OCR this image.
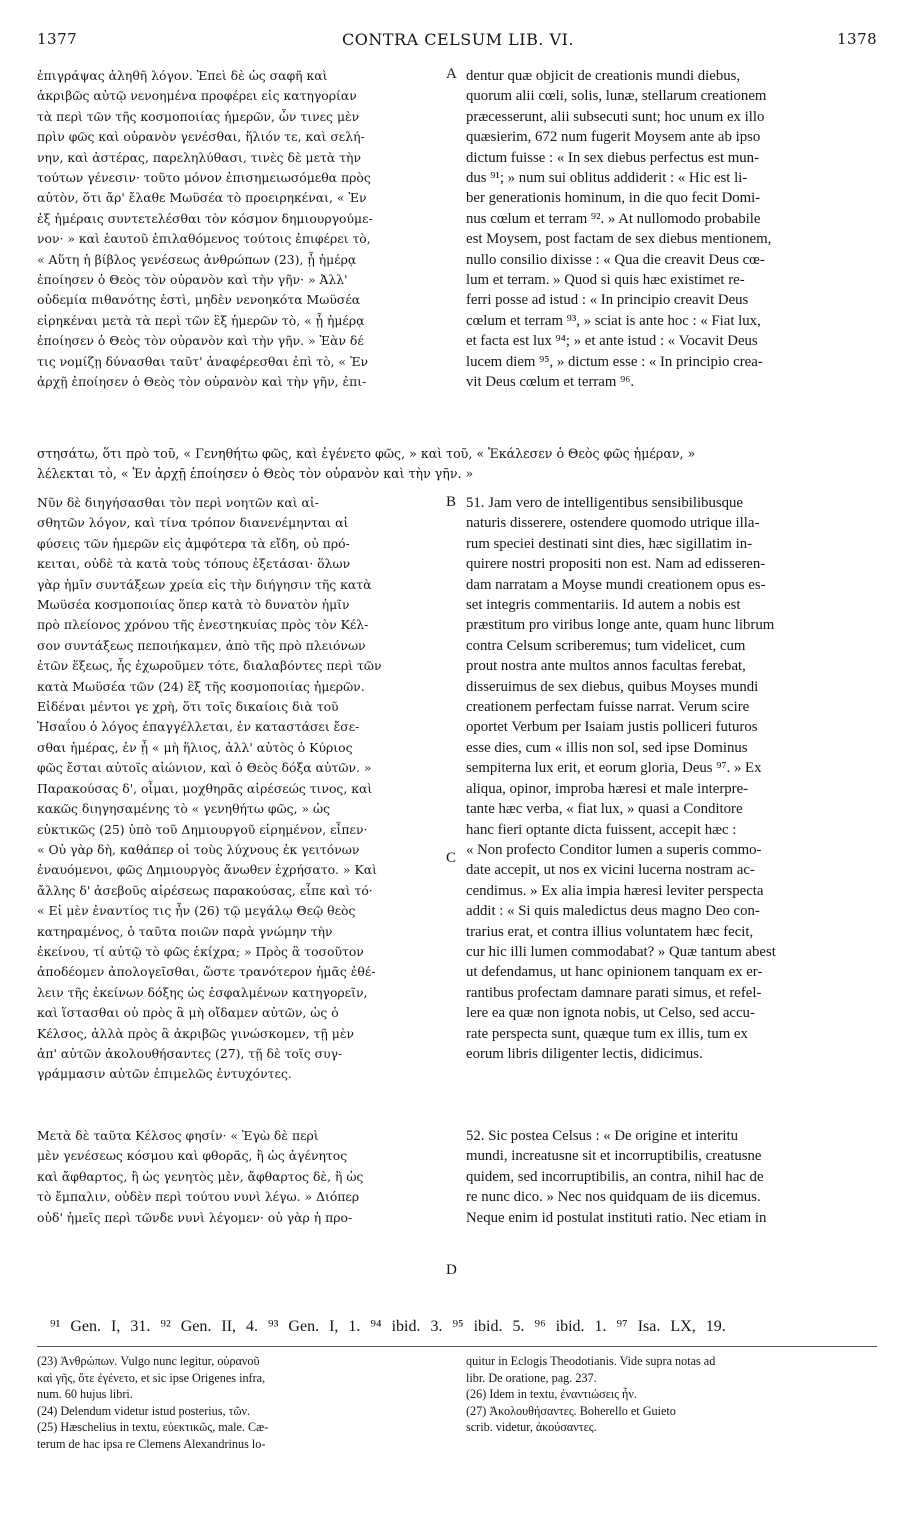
1377	CONTRA CELSUM LIB. VI.	1378
A
B
C
D

ἐπιγράψας ἀληθῆ λόγον. Ἐπεὶ δὲ ὡς σαφῆ καὶ

ἀκριβῶς αὐτῷ νενοημένα προφέρει εἰς κατηγορίαν

τὰ περὶ τῶν τῆς κοσμοποιίας ἡμερῶν, ὧν τινες μὲν

πρὶν φῶς καὶ οὐρανὸν γενέσθαι, ἥλιόν τε, καὶ σελή-

νην, καὶ ἀστέρας, παρεληλύθασι, τινὲς δὲ μετὰ τὴν

τούτων γένεσιν· τοῦτο μόνον ἐπισημειωσόμεθα πρὸς

αὐτὸν, ὅτι ἄρ' ἔλαθε Μωϋσέα τὸ προειρηκέναι, « Ἐν

ἐξ ἡμέραις συντετελέσθαι τὸν κόσμον δημιουργούμε-

νον· » καὶ ἑαυτοῦ ἐπιλαθόμενος τούτοις ἐπιφέρει τὸ,

« Αὕτη ἡ βίβλος γενέσεως ἀνθρώπων (23), ᾗ ἡμέρᾳ

ἐποίησεν ὁ Θεὸς τὸν οὐρανὸν καὶ τὴν γῆν· » Ἀλλ'

οὐδεμία πιθανότης ἐστὶ, μηδὲν νενοηκότα Μωϋσέα

εἰρηκέναι μετὰ τὰ περὶ τῶν ἓξ ἡμερῶν τὸ, « ᾗ ἡμέρᾳ

ἐποίησεν ὁ Θεὸς τὸν οὐρανὸν καὶ τὴν γῆν. » Ἐὰν δέ

τις νομίζῃ δύνασθαι ταῦτ' ἀναφέρεσθαι ἐπὶ τὸ, « Ἐν

ἀρχῇ ἐποίησεν ὁ Θεὸς τὸν οὐρανὸν καὶ τὴν γῆν, ἐπι-

dentur quæ objicit de creationis mundi diebus,

quorum alii cœli, solis, lunæ, stellarum creationem

præcesserunt, alii subsecuti sunt; hoc unum ex illo

quæsierim, 672 num fugerit Moysem ante ab ipso

dictum fuisse : « In sex diebus perfectus est mun-

dus ⁹¹; » num sui oblitus addiderit : « Hic est li-

ber generationis hominum, in die quo fecit Domi-

nus cœlum et terram ⁹². » At nullomodo probabile

est Moysem, post factam de sex diebus mentionem,

nullo consilio dixisse : « Qua die creavit Deus cœ-

lum et terram. » Quod si quis hæc existimet re-

ferri posse ad istud : « In principio creavit Deus

cœlum et terram ⁹³, » sciat is ante hoc : « Fiat lux,

et facta est lux ⁹⁴; » et ante istud : « Vocavit Deus

lucem diem ⁹⁵, » dictum esse : « In principio crea-

vit Deus cœlum et terram ⁹⁶.

στησάτω, ὅτι πρὸ τοῦ, « Γενηθήτω φῶς, καὶ ἐγένετο φῶς, » καὶ τοῦ, « Ἐκάλεσεν ὁ Θεὸς φῶς ἡμέραν, »
λέλεκται τὸ, « Ἐν ἀρχῇ ἐποίησεν ὁ Θεὸς τὸν οὐρανὸν καὶ τὴν γῆν. »

Νῦν δὲ διηγήσασθαι τὸν περὶ νοητῶν καὶ αἰ-

σθητῶν λόγον, καὶ τίνα τρόπον διανενέμηνται αἱ

φύσεις τῶν ἡμερῶν εἰς ἀμφότερα τὰ εἴδη, οὐ πρό-

κειται, οὐδὲ τὰ κατὰ τοὺς τόπους ἐξετάσαι· ὅλων

γὰρ ἡμῖν συντάξεων χρεία εἰς τὴν διήγησιν τῆς κατὰ

Μωϋσέα κοσμοποιίας ὅπερ κατὰ τὸ δυνατὸν ἡμῖν

πρὸ πλείονος χρόνου τῆς ἐνεστηκυίας πρὸς τὸν Κέλ-

σον συντάξεως πεποιήκαμεν, ἀπὸ τῆς πρὸ πλειόνων

ἐτῶν ἕξεως, ἧς ἐχωροῦμεν τότε, διαλαβόντες περὶ τῶν

κατὰ Μωϋσέα τῶν (24) ἓξ τῆς κοσμοποιίας ἡμερῶν.

Εἰδέναι μέντοι γε χρὴ, ὅτι τοῖς δικαίοις διὰ τοῦ

Ἡσαΐου ὁ λόγος ἐπαγγέλλεται, ἐν καταστάσει ἔσε-

σθαι ἡμέρας, ἐν ᾗ « μὴ ἥλιος, ἀλλ' αὐτὸς ὁ Κύριος

φῶς ἔσται αὐτοῖς αἰώνιον, καὶ ὁ Θεὸς δόξα αὐτῶν. »

Παρακούσας δ', οἶμαι, μοχθηρᾶς αἱρέσεώς τινος, καὶ

κακῶς διηγησαμένης τὸ « γενηθήτω φῶς, » ὡς

εὐκτικῶς (25) ὑπὸ τοῦ Δημιουργοῦ εἰρημένον, εἶπεν·

« Οὐ γὰρ δὴ, καθάπερ οἱ τοὺς λύχνους ἐκ γειτόνων

ἐναυόμενοι, φῶς Δημιουργὸς ἄνωθεν ἐχρήσατο. » Καὶ

ἄλλης δ' ἀσεβοῦς αἱρέσεως παρακούσας, εἶπε καὶ τό·

« Εἰ μὲν ἐναντίος τις ἦν (26) τῷ μεγάλῳ Θεῷ θεὸς

κατηραμένος, ὁ ταῦτα ποιῶν παρὰ γνώμην τὴν

ἐκείνου, τί αὐτῷ τὸ φῶς ἐκίχρα; » Πρὸς ἃ τοσοῦτον

ἀποδέομεν ἀπολογεῖσθαι, ὥστε τρανότερον ἡμᾶς ἐθέ-

λειν τῆς ἐκείνων δόξης ὡς ἐσφαλμένων κατηγορεῖν,

καὶ ἵστασθαι οὐ πρὸς ἃ μὴ οἴδαμεν αὐτῶν, ὡς ὁ

Κέλσος, ἀλλὰ πρὸς ἃ ἀκριβῶς γινώσκομεν, τῇ μὲν

ἀπ' αὐτῶν ἀκολουθήσαντες (27), τῇ δὲ τοῖς συγ-

γράμμασιν αὐτῶν ἐπιμελῶς ἐντυχόντες.

51. Jam vero de intelligentibus sensibilibusque

naturis disserere, ostendere quomodo utrique illa-

rum speciei destinati sint dies, hæc sigillatim in-

quirere nostri propositi non est. Nam ad edisseren-

dam narratam a Moyse mundi creationem opus es-

set integris commentariis. Id autem a nobis est

præstitum pro viribus longe ante, quam hunc librum

contra Celsum scriberemus; tum videlicet, cum

prout nostra ante multos annos facultas ferebat,

disseruimus de sex diebus, quibus Moyses mundi

creationem perfectam fuisse narrat. Verum scire

oportet Verbum per Isaiam justis polliceri futuros

esse dies, cum « illis non sol, sed ipse Dominus

sempiterna lux erit, et eorum gloria, Deus ⁹⁷. » Ex

aliqua, opinor, improba hæresi et male interpre-

tante hæc verba, « fiat lux, » quasi a Conditore

hanc fieri optante dicta fuissent, accepit hæc :

« Non profecto Conditor lumen a superis commo-

date accepit, ut nos ex vicini lucerna nostram ac-

cendimus. » Ex alia impia hæresi leviter perspecta

addit : « Si quis maledictus deus magno Deo con-

trarius erat, et contra illius voluntatem hæc fecit,

cur hic illi lumen commodabat? » Quæ tantum abest

ut defendamus, ut hanc opinionem tanquam ex er-

rantibus profectam damnare parati simus, et refel-

lere ea quæ non ignota nobis, ut Celso, sed accu-

rate perspecta sunt, quæque tum ex illis, tum ex

eorum libris diligenter lectis, didicimus.

Μετὰ δὲ ταῦτα Κέλσος φησίν· « Ἐγὼ δὲ περὶ

μὲν γενέσεως κόσμου καὶ φθορᾶς, ἢ ὡς ἀγένητος

καὶ ἄφθαρτος, ἢ ὡς γενητὸς μὲν, ἄφθαρτος δὲ, ἢ ὡς

τὸ ἔμπαλιν, οὐδὲν περὶ τούτου νυνὶ λέγω. » Διόπερ

οὐδ' ἡμεῖς περὶ τῶνδε νυνὶ λέγομεν· οὐ γὰρ ἡ προ-

52. Sic postea Celsus : « De origine et interitu

mundi, increatusne sit et incorruptibilis, creatusne

quidem, sed incorruptibilis, an contra, nihil hac de

re nunc dico. » Nec nos quidquam de iis dicemus.

Neque enim id postulat instituti ratio. Nec etiam in

⁹¹ Gen. I, 31. ⁹² Gen. II, 4. ⁹³ Gen. I, 1. ⁹⁴ ibid. 3. ⁹⁵ ibid. 5. ⁹⁶ ibid. 1. ⁹⁷ Isa. LX, 19.

(23) Ἀνθρώπων. Vulgo nunc legitur, οὐρανοῦ

καὶ γῆς, ὅτε ἐγένετο, et sic ipse Origenes infra,

num. 60 hujus libri.

(24) Delendum videtur istud posterius, τῶν.

(25) Hæschelius in textu, εὐεκτικῶς, male. Cæ-

terum de hac ipsa re Clemens Alexandrinus lo-

quitur in Eclogis Theodotianis. Vide supra notas ad

libr. De oratione, pag. 237.

(26) Idem in textu, ἐναντιώσεις ἦν.

(27) Ἀκολουθήσαντες. Boherello et Guieto

scrib. videtur, ἀκούσαντες.
